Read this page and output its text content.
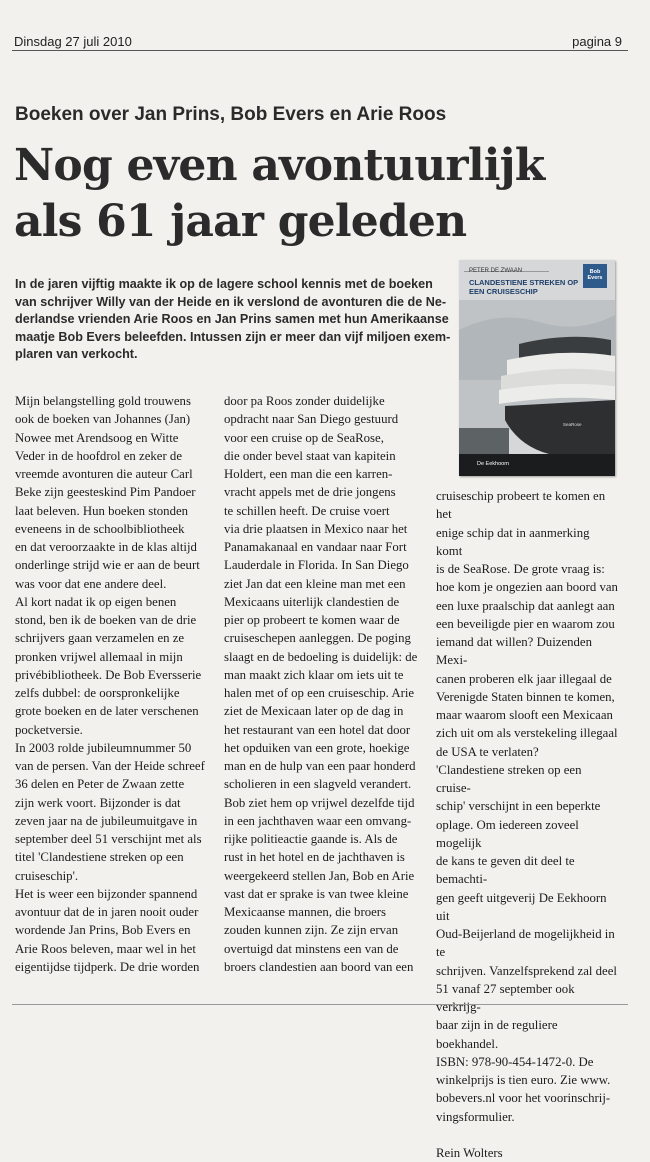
Dinsdag 27 juli 2010	pagina 9
Boeken over Jan Prins, Bob Evers en Arie Roos
Nog even avontuurlijk
als 61 jaar geleden
In de jaren vijftig maakte ik op de lagere school kennis met de boeken
van schrijver Willy van der Heide en ik verslond de avonturen die de Ne-
derlandse vrienden Arie Roos en Jan Prins samen met hun Amerikaanse
maatje Bob Evers beleefden. Intussen zijn er meer dan vijf miljoen exem-
plaren van verkocht.
PETER DE ZWAAN
CLANDESTIENE STREKEN OP EEN CRUISESCHIP
Bob
Evers
SeaRose
De Eekhoorn

Mijn belangstelling gold trouwens

ook de boeken van Johannes (Jan)

Nowee met Arendsoog en Witte

Veder in de hoofdrol en zeker de

vreemde avonturen die auteur Carl

Beke zijn geesteskind Pim Pandoer

laat beleven. Hun boeken stonden

eveneens in de schoolbibliotheek

en dat veroorzaakte in de klas altijd

onderlinge strijd wie er aan de beurt

was voor dat ene andere deel.

Al kort nadat ik op eigen benen

stond, ben ik de boeken van de drie

schrijvers gaan verzamelen en ze

pronken vrijwel allemaal in mijn

privébibliotheek. De Bob Eversserie

zelfs dubbel: de oorspronkelijke

grote boeken en de later verschenen

pocketversie.

In 2003 rolde jubileumnummer 50

van de persen. Van der Heide schreef

36 delen en Peter de Zwaan zette

zijn werk voort. Bijzonder is dat

zeven jaar na de jubileumuitgave in

september deel 51 verschijnt met als

titel 'Clandestiene streken op een

cruiseschip'.

Het is weer een bijzonder spannend

avontuur dat de in jaren nooit ouder

wordende Jan Prins, Bob Evers en

Arie Roos beleven, maar wel in het

eigentijdse tijdperk. De drie worden

door pa Roos zonder duidelijke

opdracht naar San Diego gestuurd

voor een cruise op de SeaRose,

die onder bevel staat van kapitein

Holdert, een man die een karren-

vracht appels met de drie jongens

te schillen heeft. De cruise voert

via drie plaatsen in Mexico naar het

Panamakanaal en vandaar naar Fort

Lauderdale in Florida. In San Diego

ziet Jan dat een kleine man met een

Mexicaans uiterlijk clandestien de

pier op probeert te komen waar de

cruiseschepen aanleggen. De poging

slaagt en de bedoeling is duidelijk: de

man maakt zich klaar om iets uit te

halen met of op een cruiseschip. Arie

ziet de Mexicaan later op de dag in

het restaurant van een hotel dat door

het opduiken van een grote, hoekige

man en de hulp van een paar honderd

scholieren in een slagveld verandert.

Bob ziet hem op vrijwel dezelfde tijd

in een jachthaven waar een omvang-

rijke politieactie gaande is. Als de

rust in het hotel en de jachthaven is

weergekeerd stellen Jan, Bob en Arie

vast dat er sprake is van twee kleine

Mexicaanse mannen, die broers

zouden kunnen zijn. Ze zijn ervan

overtuigd dat minstens een van de

broers clandestien aan boord van een

cruiseschip probeert te komen en het

enige schip dat in aanmerking komt

is de SeaRose. De grote vraag is:

hoe kom je ongezien aan boord van

een luxe praalschip dat aanlegt aan

een beveiligde pier en waarom zou

iemand dat willen? Duizenden Mexi-

canen proberen elk jaar illegaal de

Verenigde Staten binnen te komen,

maar waarom slooft een Mexicaan

zich uit om als verstekeling illegaal

de USA te verlaten?

'Clandestiene streken op een cruise-

schip' verschijnt in een beperkte

oplage. Om iedereen zoveel mogelijk

de kans te geven dit deel te bemachti-

gen geeft uitgeverij De Eekhoorn uit

Oud-Beijerland de mogelijkheid in te

schrijven. Vanzelfsprekend zal deel

51 vanaf 27 september ook verkrijg-

baar zijn in de reguliere boekhandel.

ISBN: 978-90-454-1472-0. De

winkelprijs is tien euro. Zie www.

bobevers.nl voor het voorinschrij-

vingsformulier.

Rein Wolters
